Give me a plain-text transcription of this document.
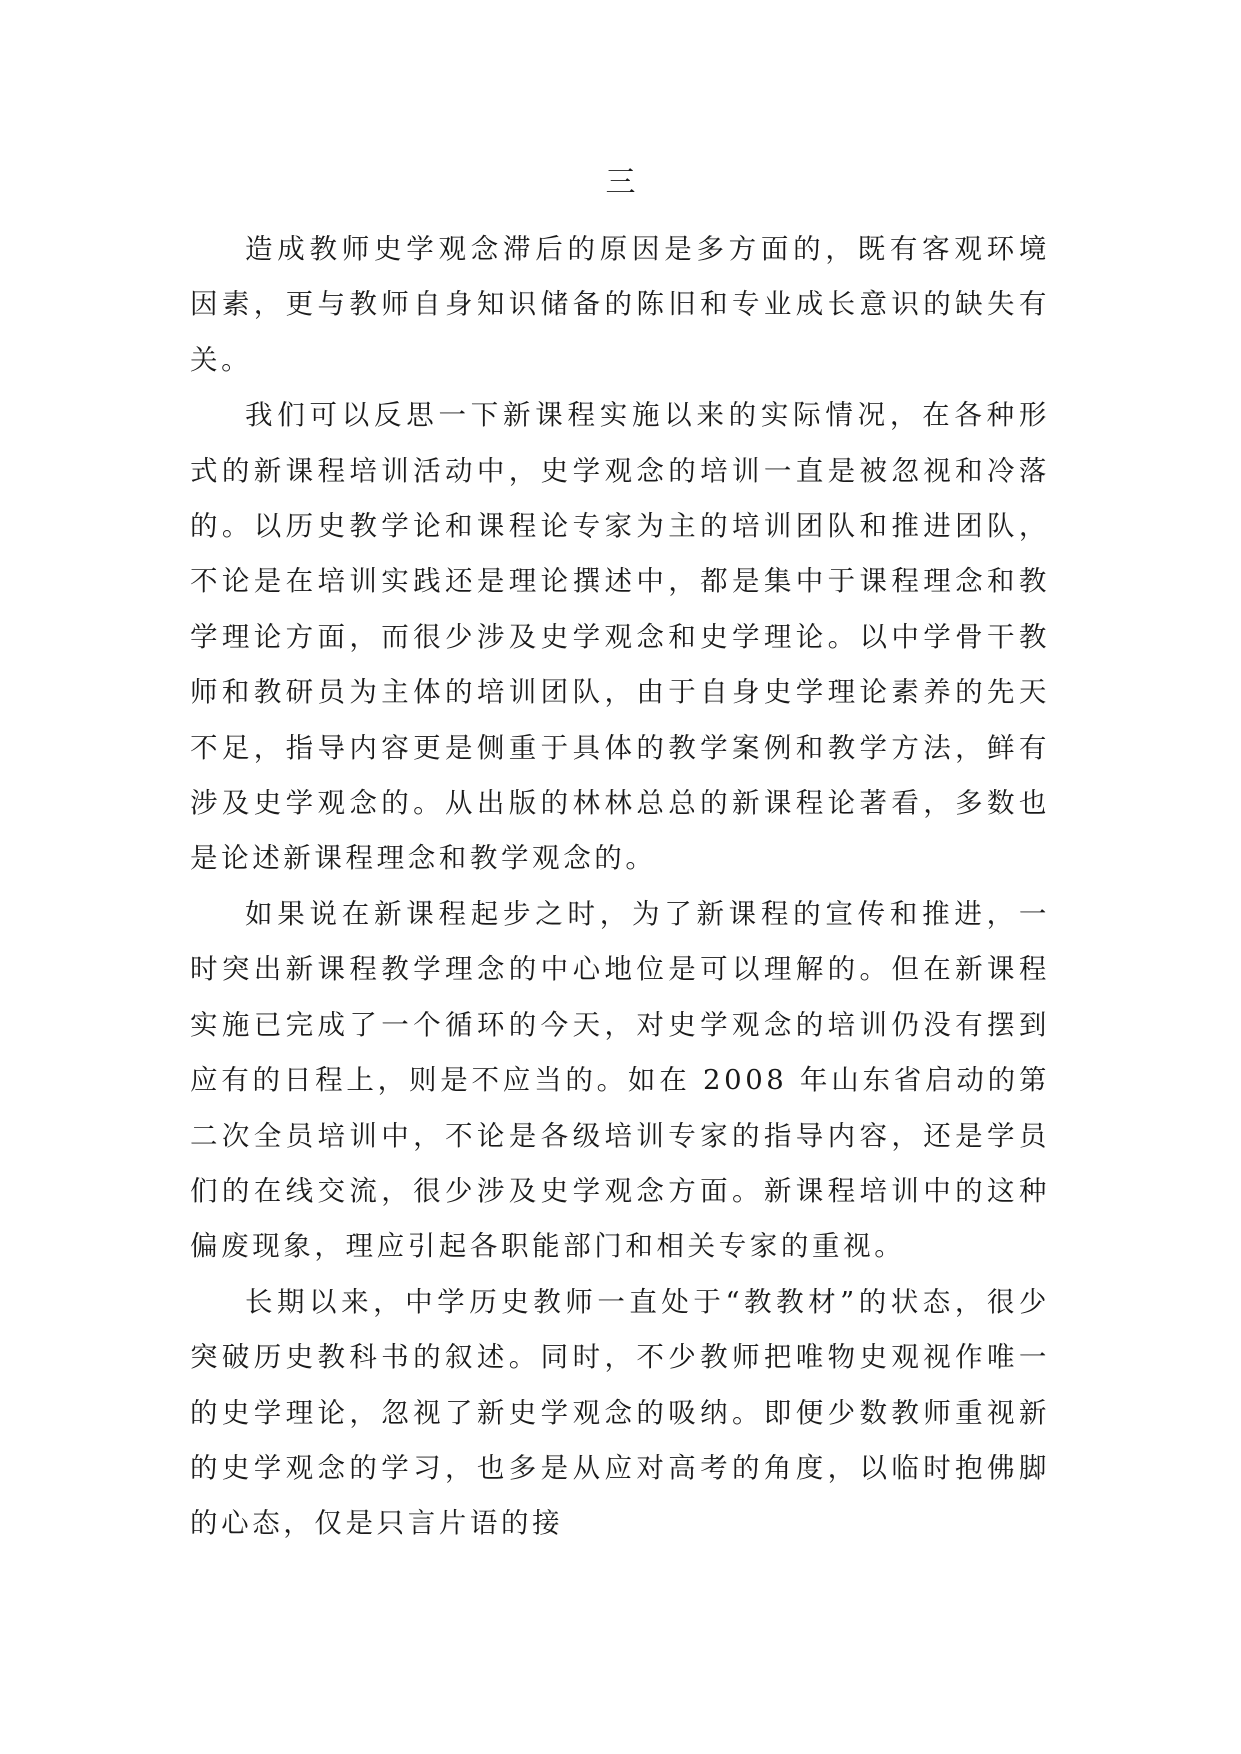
三

造成教师史学观念滞后的原因是多方面的，既有客观环境因素，更与教师自身知识储备的陈旧和专业成长意识的缺失有关。

我们可以反思一下新课程实施以来的实际情况，在各种形式的新课程培训活动中，史学观念的培训一直是被忽视和冷落的。以历史教学论和课程论专家为主的培训团队和推进团队，不论是在培训实践还是理论撰述中，都是集中于课程理念和教学理论方面，而很少涉及史学观念和史学理论。以中学骨干教师和教研员为主体的培训团队，由于自身史学理论素养的先天不足，指导内容更是侧重于具体的教学案例和教学方法，鲜有涉及史学观念的。从出版的林林总总的新课程论著看，多数也是论述新课程理念和教学观念的。

如果说在新课程起步之时，为了新课程的宣传和推进，一时突出新课程教学理念的中心地位是可以理解的。但在新课程实施已完成了一个循环的今天，对史学观念的培训仍没有摆到应有的日程上，则是不应当的。如在 2008 年山东省启动的第二次全员培训中，不论是各级培训专家的指导内容，还是学员们的在线交流，很少涉及史学观念方面。新课程培训中的这种偏废现象，理应引起各职能部门和相关专家的重视。

长期以来，中学历史教师一直处于“教教材”的状态，很少突破历史教科书的叙述。同时，不少教师把唯物史观视作唯一的史学理论，忽视了新史学观念的吸纳。即便少数教师重视新的史学观念的学习，也多是从应对高考的角度，以临时抱佛脚的心态，仅是只言片语的接
